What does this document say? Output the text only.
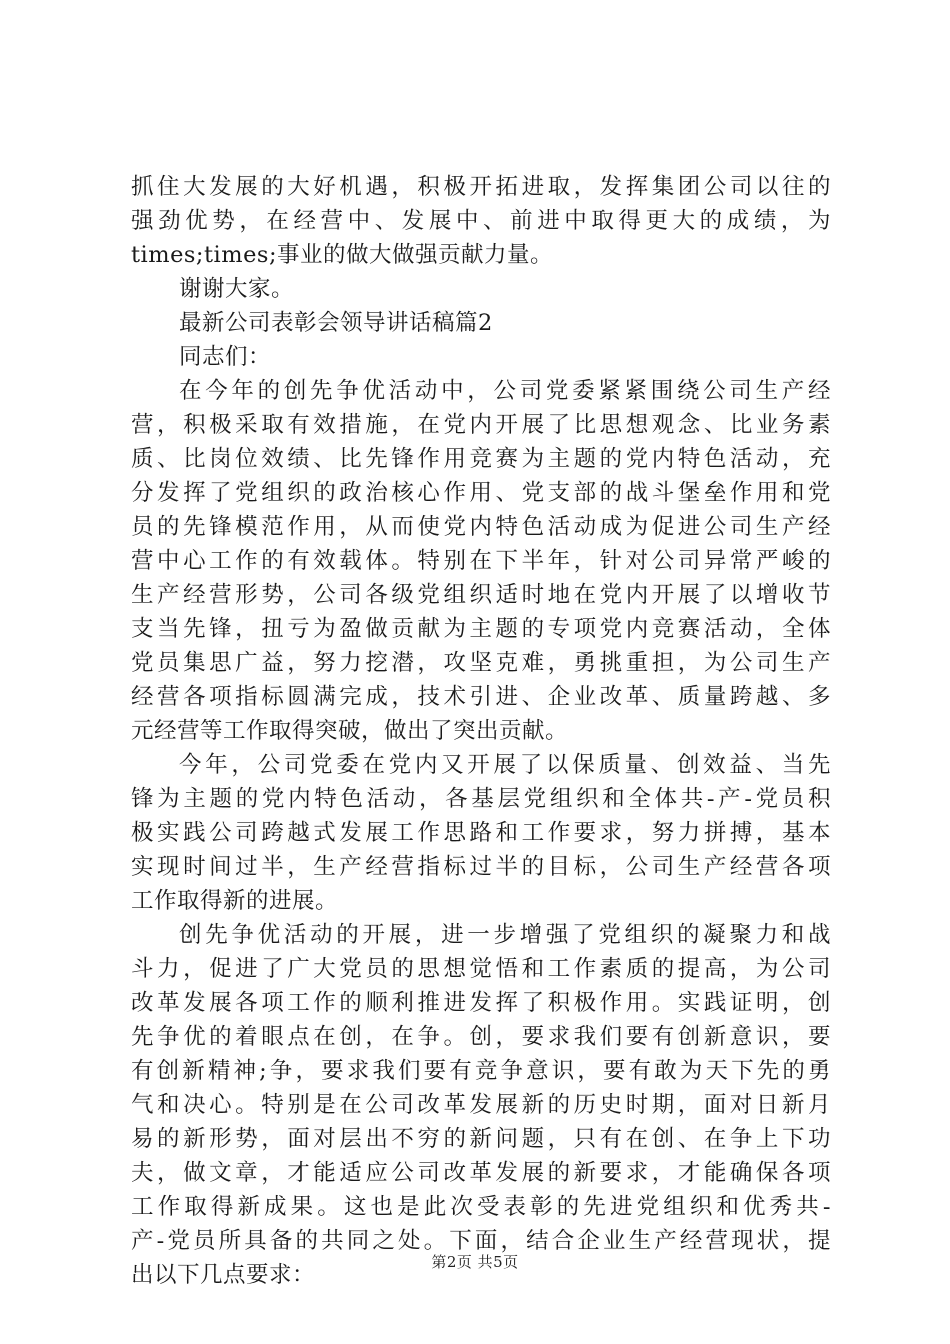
抓住大发展的大好机遇，积极开拓进取，发挥集团公司以往的
强劲优势，在经营中、发展中、前进中取得更大的成绩，为
times;times;事业的做大做强贡献力量。
谢谢大家。
最新公司表彰会领导讲话稿篇2
同志们：
在今年的创先争优活动中，公司党委紧紧围绕公司生产经
营，积极采取有效措施，在党内开展了比思想观念、比业务素
质、比岗位效绩、比先锋作用竞赛为主题的党内特色活动，充
分发挥了党组织的政治核心作用、党支部的战斗堡垒作用和党
员的先锋模范作用，从而使党内特色活动成为促进公司生产经
营中心工作的有效载体。特别在下半年，针对公司异常严峻的
生产经营形势，公司各级党组织适时地在党内开展了以增收节
支当先锋，扭亏为盈做贡献为主题的专项党内竞赛活动，全体
党员集思广益，努力挖潜，攻坚克难，勇挑重担，为公司生产
经营各项指标圆满完成，技术引进、企业改革、质量跨越、多
元经营等工作取得突破，做出了突出贡献。
今年，公司党委在党内又开展了以保质量、创效益、当先
锋为主题的党内特色活动，各基层党组织和全体共-产-党员积
极实践公司跨越式发展工作思路和工作要求，努力拼搏，基本
实现时间过半，生产经营指标过半的目标，公司生产经营各项
工作取得新的进展。
创先争优活动的开展，进一步增强了党组织的凝聚力和战
斗力，促进了广大党员的思想觉悟和工作素质的提高，为公司
改革发展各项工作的顺利推进发挥了积极作用。实践证明，创
先争优的着眼点在创，在争。创，要求我们要有创新意识，要
有创新精神;争，要求我们要有竞争意识，要有敢为天下先的勇
气和决心。特别是在公司改革发展新的历史时期，面对日新月
易的新形势，面对层出不穷的新问题，只有在创、在争上下功
夫，做文章，才能适应公司改革发展的新要求，才能确保各项
工作取得新成果。这也是此次受表彰的先进党组织和优秀共-
产-党员所具备的共同之处。下面，结合企业生产经营现状，提
出以下几点要求：	第2页 共5页
